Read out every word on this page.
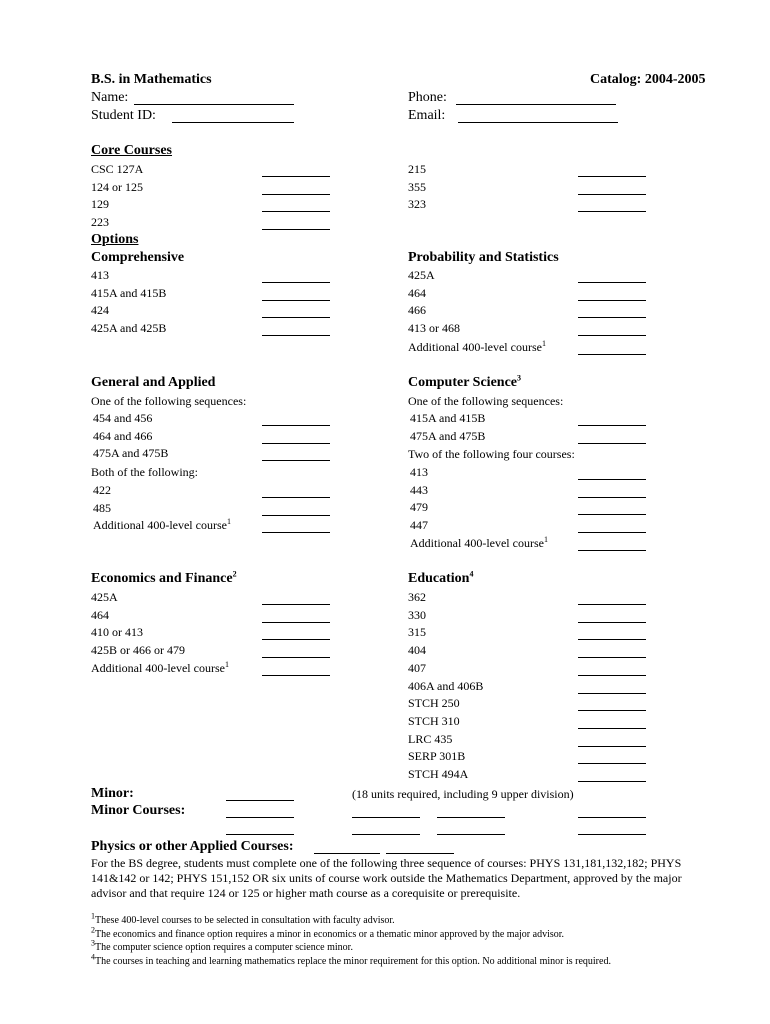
B.S. in Mathematics	Catalog: 2004-2005
Name:	Phone:
Student ID:	Email:
Core Courses
CSC 127A
124 or 125
129
223
215
355
323
Options
Comprehensive
413
415A and 415B
424
425A and 425B
Probability and Statistics
425A
464
466
413 or 468
Additional 400-level course$^1$
General and Applied
One of the following sequences:
454 and 456
464 and 466
475A and 475B
Both of the following:
422
485
Additional 400-level course$^1$
Computer Science$^3$
One of the following sequences:
415A and 415B
475A and 475B
Two of the following four courses:
413
443
479
447
Additional 400-level course$^1$
Economics and Finance$^2$
425A
464
410 or 413
425B or 466 or 479
Additional 400-level course$^1$
Education$^4$
362
330
315
404
407
406A and 406B
STCH 250
STCH 310
LRC 435
SERP 301B
STCH 494A
Minor:	(18 units required, including 9 upper division)
Minor Courses:
Physics or other Applied Courses:
For the BS degree, students must complete one of the following three sequence of courses: PHYS 131,181,132,182; PHYS 141&142 or 142; PHYS 151,152 OR six units of course work outside the Mathematics Department, approved by the major advisor and that require 124 or 125 or higher math course as a corequisite or prerequisite.
$^1$These 400-level courses to be selected in consultation with faculty advisor.
$^2$The economics and finance option requires a minor in economics or a thematic minor approved by the major advisor.
$^3$The computer science option requires a computer science minor.
$^4$The courses in teaching and learning mathematics replace the minor requirement for this option. No additional minor is required.
